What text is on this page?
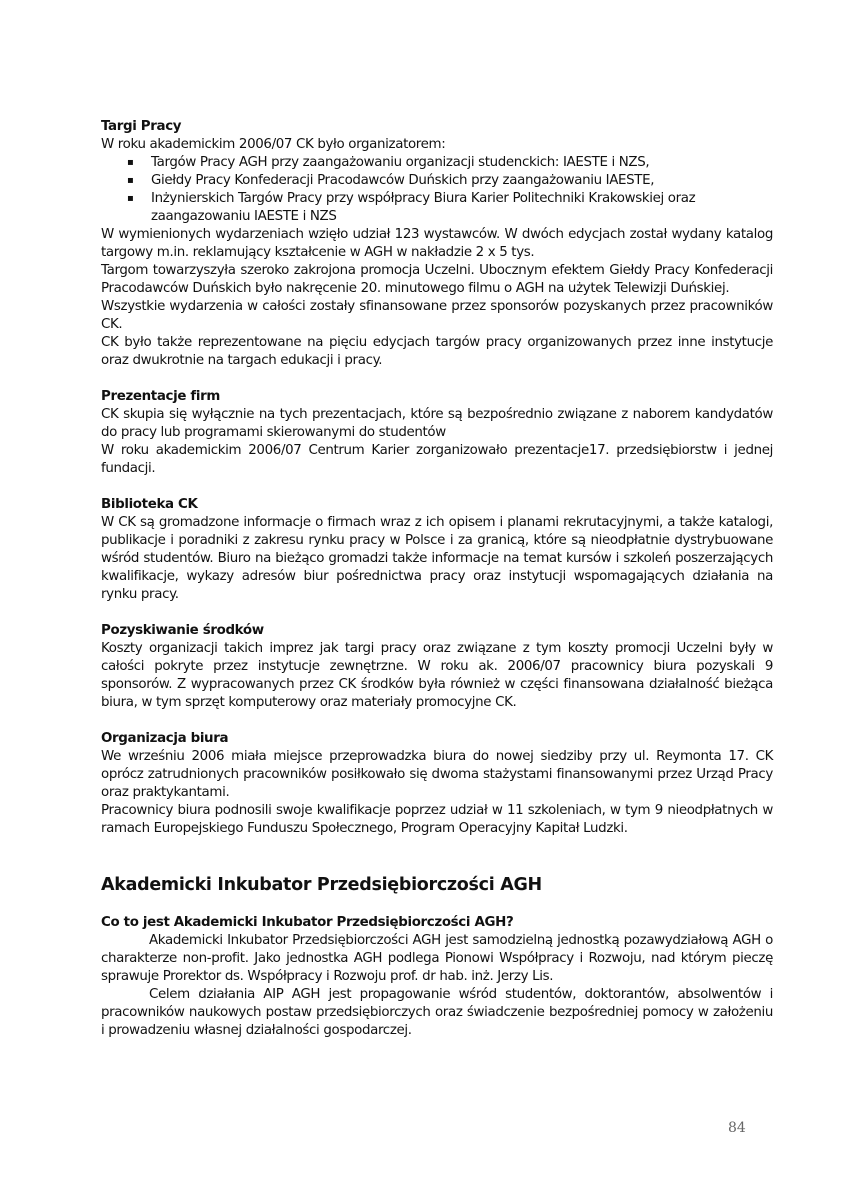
Targi Pracy

W roku akademickim 2006/07 CK było organizatorem:

▪ Targów Pracy AGH przy zaangażowaniu organizacji studenckich: IAESTE i NZS,
▪ Giełdy Pracy Konfederacji Pracodawców Duńskich przy zaangażowaniu IAESTE,
▪ Inżynierskich Targów Pracy przy współpracy Biura Karier Politechniki Krakowskiej oraz zaangazowaniu IAESTE i NZS

W wymienionych wydarzeniach wzięło udział 123 wystawców. W dwóch edycjach został wydany katalog targowy m.in. reklamujący kształcenie w AGH w nakładzie 2 x 5 tys.

Targom towarzyszyła szeroko zakrojona promocja Uczelni. Ubocznym efektem Giełdy Pracy Konfederacji Pracodawców Duńskich było nakręcenie 20. minutowego filmu o AGH na użytek Telewizji Duńskiej.

Wszystkie wydarzenia w całości zostały sfinansowane przez sponsorów pozyskanych przez pracowników CK.

CK było także reprezentowane na pięciu edycjach targów pracy organizowanych przez inne instytucje oraz dwukrotnie na targach edukacji i pracy.

Prezentacje firm

CK skupia się wyłącznie na tych prezentacjach, które są bezpośrednio związane z naborem kandydatów do pracy lub programami skierowanymi do studentów

W roku akademickim 2006/07 Centrum Karier zorganizowało prezentacje17. przedsiębiorstw i jednej fundacji.

Biblioteka CK

W CK są gromadzone informacje o firmach wraz z ich opisem i planami rekrutacyjnymi, a także katalogi, publikacje i poradniki z zakresu rynku pracy w Polsce i za granicą, które są nieodpłatnie dystrybuowane wśród studentów. Biuro na bieżąco gromadzi także informacje na temat kursów i szkoleń poszerzających kwalifikacje, wykazy adresów biur pośrednictwa pracy oraz instytucji wspomagających działania na rynku pracy.

Pozyskiwanie środków

Koszty organizacji takich imprez jak targi pracy oraz związane z tym koszty promocji Uczelni były w całości pokryte przez instytucje zewnętrzne. W roku ak. 2006/07 pracownicy biura pozyskali 9 sponsorów. Z wypracowanych przez CK środków była również w części finansowana działalność bieżąca biura, w tym sprzęt komputerowy oraz materiały promocyjne CK.

Organizacja biura

We wrześniu 2006 miała miejsce przeprowadzka biura do nowej siedziby przy ul. Reymonta 17. CK oprócz zatrudnionych pracowników posiłkowało się dwoma stażystami finansowanymi przez Urząd Pracy oraz praktykantami.

Pracownicy biura podnosili swoje kwalifikacje poprzez udział w 11 szkoleniach, w tym 9 nieodpłatnych w ramach Europejskiego Funduszu Społecznego, Program Operacyjny Kapitał Ludzki.

Akademicki Inkubator Przedsiębiorczości AGH

Co to jest Akademicki Inkubator Przedsiębiorczości AGH?

Akademicki Inkubator Przedsiębiorczości AGH jest samodzielną jednostką pozawydziałową AGH o charakterze non-profit. Jako jednostka AGH podlega Pionowi Współpracy i Rozwoju, nad którym pieczę sprawuje Prorektor ds. Współpracy i Rozwoju prof. dr hab. inż. Jerzy Lis.

Celem działania AIP AGH jest propagowanie wśród studentów, doktorantów, absolwentów i pracowników naukowych postaw przedsiębiorczych oraz świadczenie bezpośredniej pomocy w założeniu i prowadzeniu własnej działalności gospodarczej.

84
